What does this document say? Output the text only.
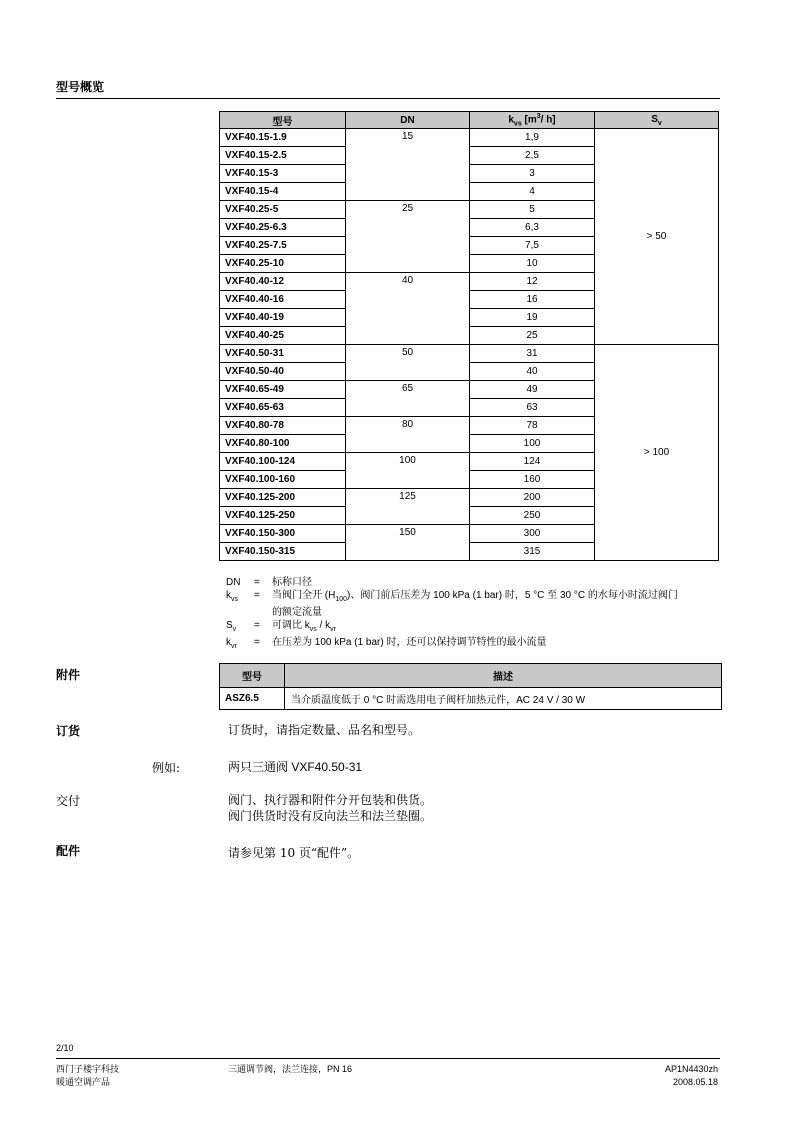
型号概览
型号	DN	$k_{vs}$ [$m^3/$ h]	$S_v$
VXF40.15-1.9	15	1,9	> 50
VXF40.15-2.5		2,5	
VXF40.15-3		3	
VXF40.15-4		4	
VXF40.25-5	25	5	
VXF40.25-6.3		6,3	
VXF40.25-7.5		7,5	
VXF40.25-10		10	
VXF40.40-12	40	12	
VXF40.40-16		16	
VXF40.40-19		19	
VXF40.40-25		25	
VXF40.50-31	50	31	> 100
VXF40.50-40		40	
VXF40.65-49	65	49	
VXF40.65-63		63	
VXF40.80-78	80	78	
VXF40.80-100		100	
VXF40.100-124	100	124	
VXF40.100-160		160	
VXF40.125-200	125	200	
VXF40.125-250		250	
VXF40.150-300	150	300	
VXF40.150-315		315	
DN	=	标称口径
$k_{vs}$	=	当阀门全开 $(H_{100})$、阀门前后压差为 100 kPa (1 bar) 时，5 °C 至 30 °C 的水每小时流过阀门
的额定流量
$S_v$	=	可调比 $k_{vs} / k_{vr}$
$k_{vr}$	=	在压差为 100 kPa (1 bar) 时，还可以保持调节特性的最小流量
附件	型号	描述
ASZ6.5	当介质温度低于 0 °C 时需选用电子阀杆加热元件，AC 24 V / 30 W
订货	订货时，请指定数量、品名和型号。
例如:	两只三通阀 VXF40.50-31
交付	阀门、执行器和附件分开包装和供货。
阀门供货时没有反向法兰和法兰垫圈。
配件	请参见第 10 页“配件”。
2/10
西门子楼宇科技
暖通空调产品
三通调节阀，法兰连接，PN 16	AP1N4430zh
2008.05.18
